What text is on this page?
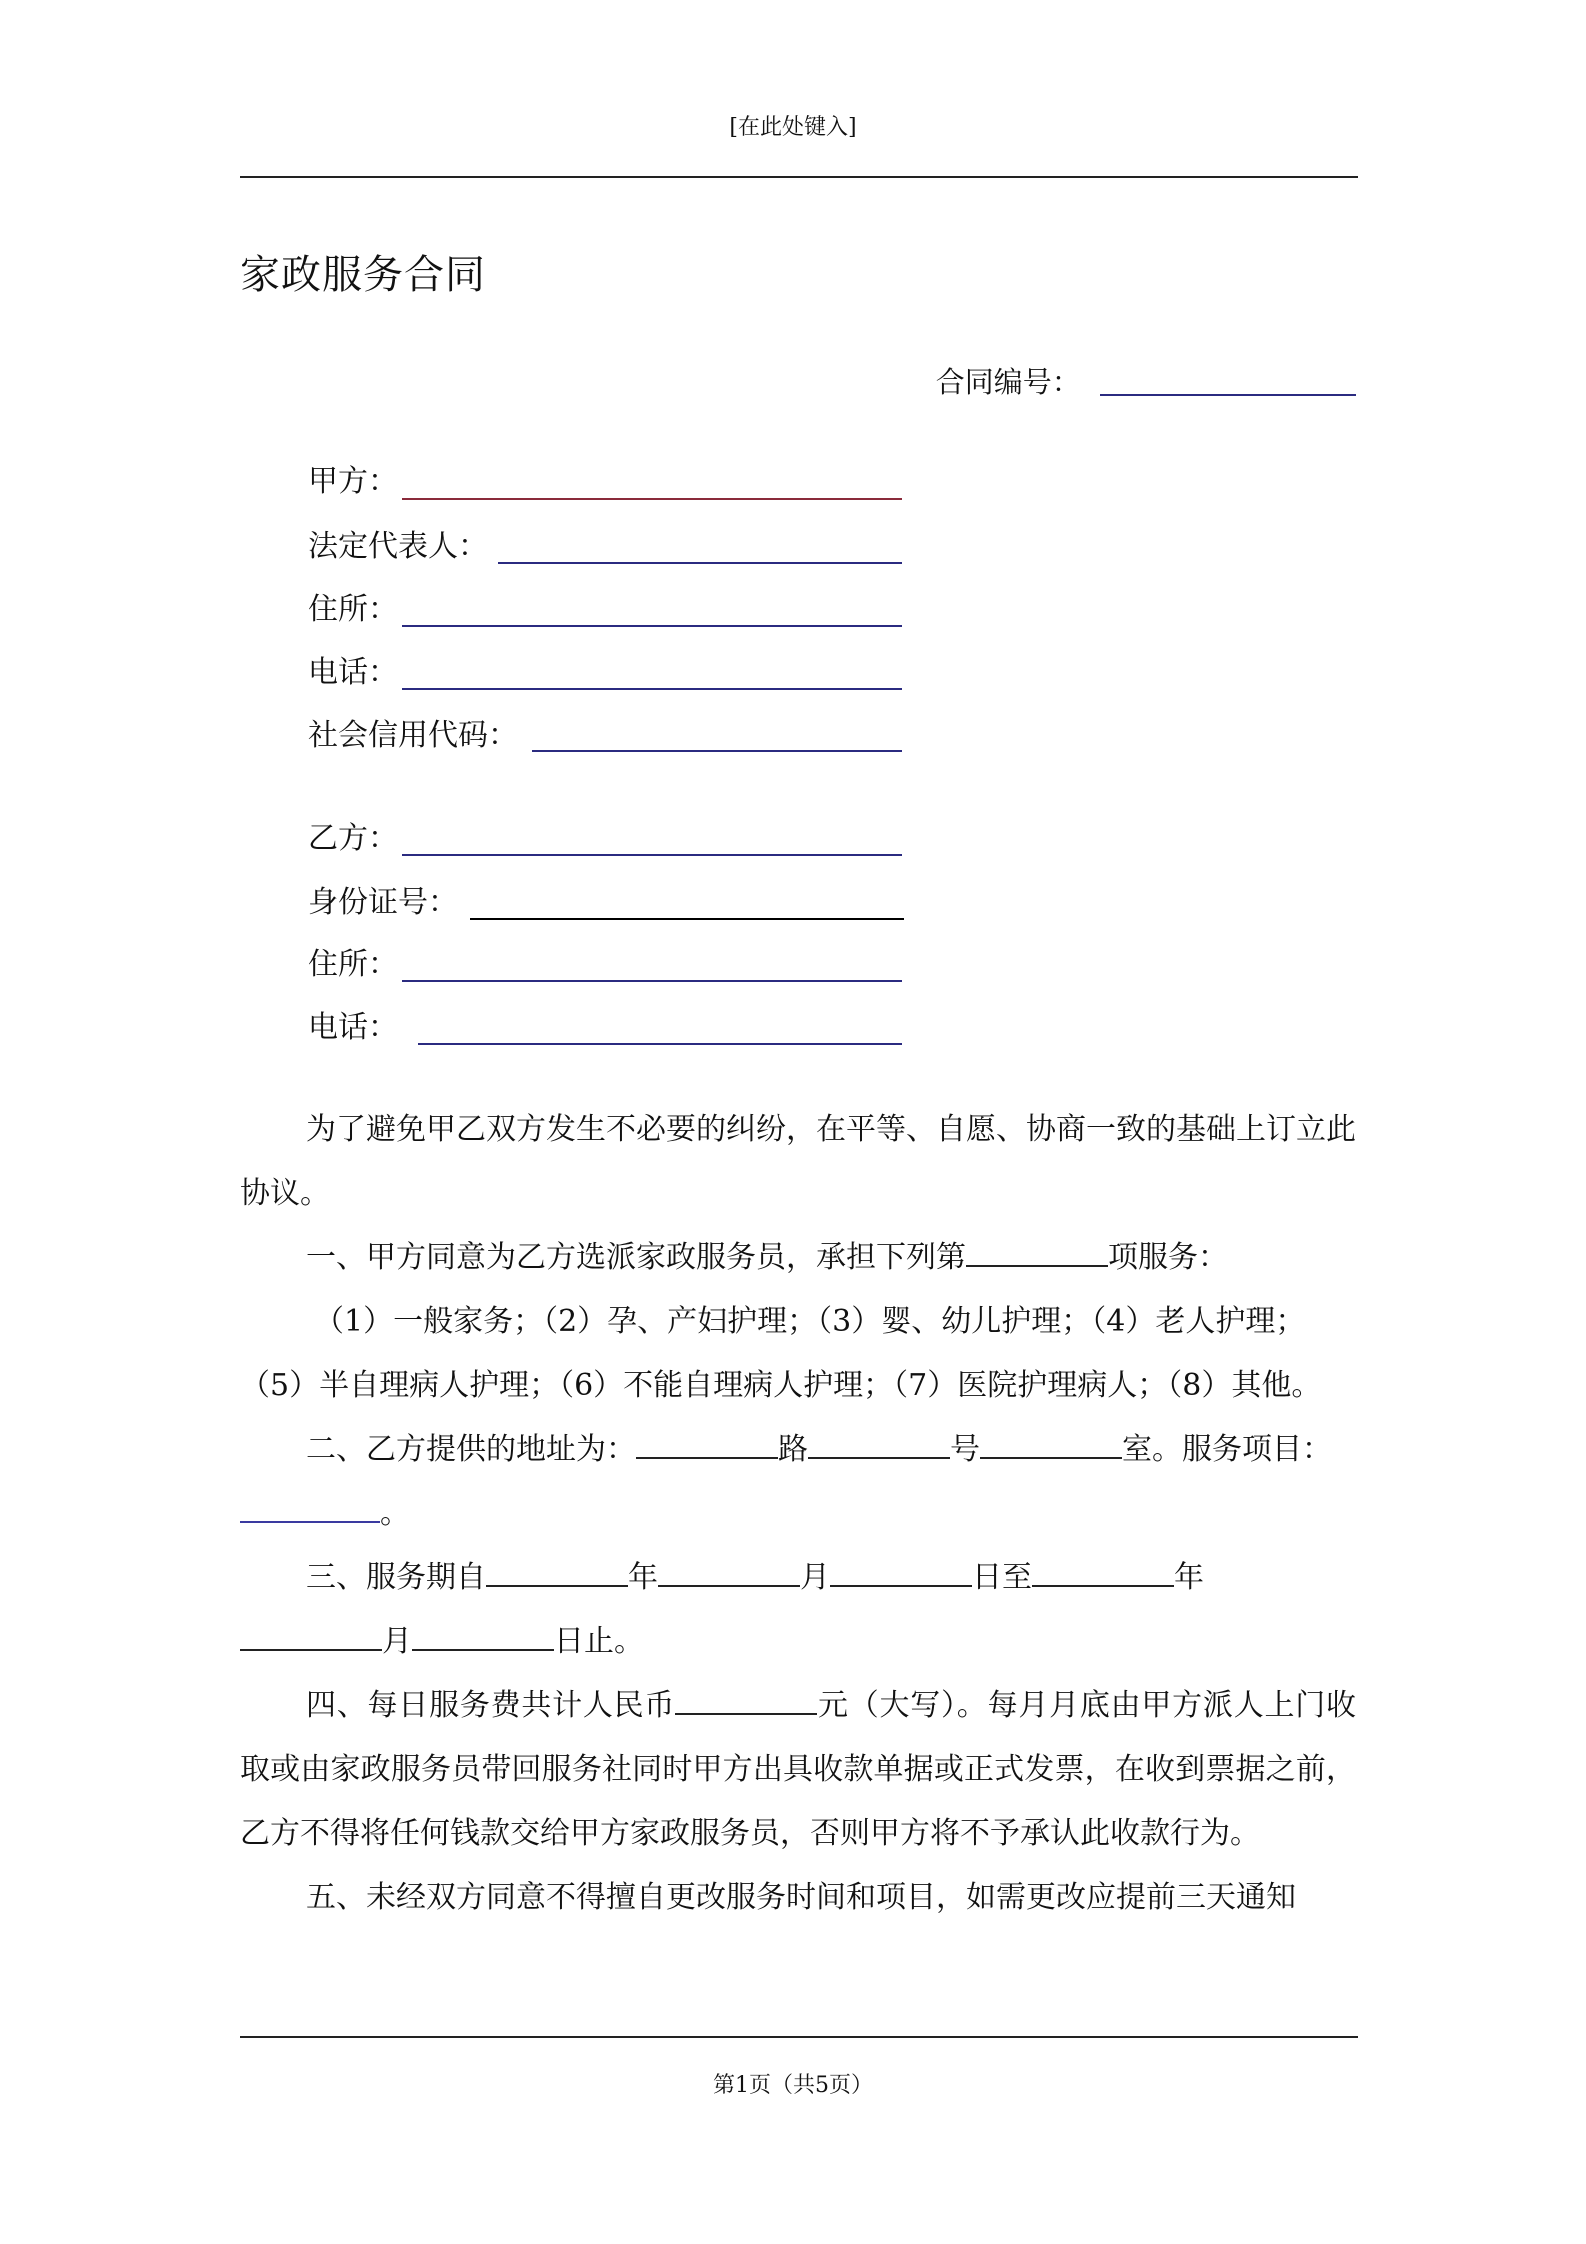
[在此处键入]
家政服务合同
合同编号：
甲方：
法定代表人：
住所：
电话：
社会信用代码：
乙方：
身份证号：
住所：
电话：

为了避免甲乙双方发生不必要的纠纷，在平等、自愿、协商一致的基础上订立此协议。

一、甲方同意为乙方选派家政服务员，承担下列第	项服务：

（1）一般家务；（2）孕、产妇护理；（3）婴、幼儿护理；（4）老人护理；

（5）半自理病人护理；（6）不能自理病人护理；（7）医院护理病人；（8）其他。

二、乙方提供的地址为：	路	号	室。服务项目：
。

三、服务期自	年	月	日至	年
月	日止。

四、每日服务费共计人民币	元（大写）。每月月底由甲方派人上门收取或由家政服务员带回服务社同时甲方出具收款单据或正式发票，在收到票据之前，乙方不得将任何钱款交给甲方家政服务员，否则甲方将不予承认此收款行为。

五、未经双方同意不得擅自更改服务时间和项目，如需更改应提前三天通知

第1页（共5页）
